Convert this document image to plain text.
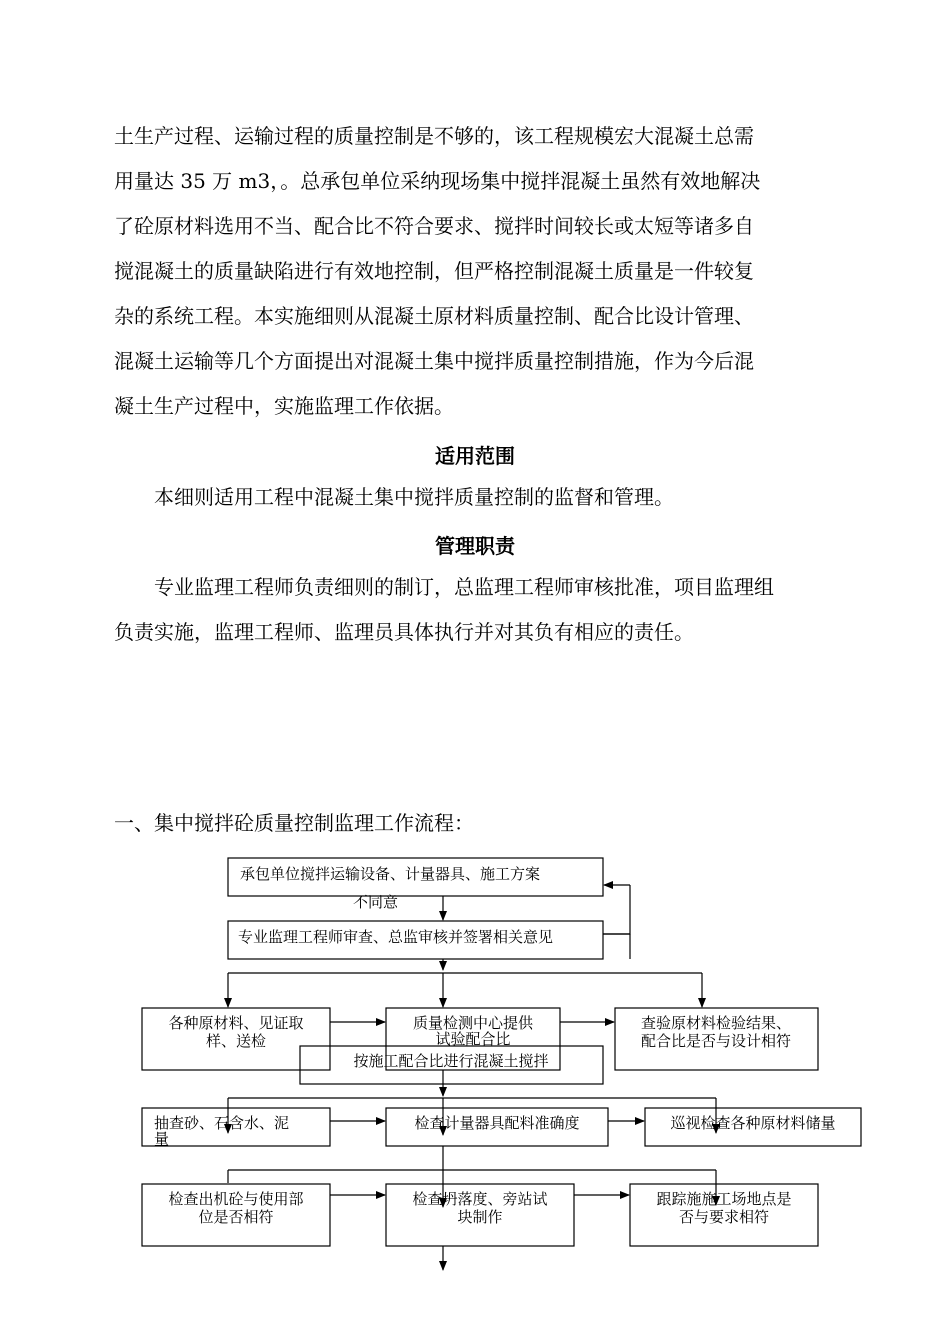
土生产过程、运输过程的质量控制是不够的，该工程规模宏大混凝土总需

用量达 35 万 m3，。总承包单位采纳现场集中搅拌混凝土虽然有效地解决

了砼原材料选用不当、配合比不符合要求、搅拌时间较长或太短等诸多自

搅混凝土的质量缺陷进行有效地控制，但严格控制混凝土质量是一件较复

杂的系统工程。本实施细则从混凝土原材料质量控制、配合比设计管理、

混凝土运输等几个方面提出对混凝土集中搅拌质量控制措施，作为今后混

凝土生产过程中，实施监理工作依据。

适用范围

本细则适用工程中混凝土集中搅拌质量控制的监督和管理。

管理职责

专业监理工程师负责细则的制订，总监理工程师审核批准，项目监理组

负责实施，监理工程师、监理员具体执行并对其负有相应的责任。

一、集中搅拌砼质量控制监理工作流程：

承包单位搅拌运输设备、计量器具、施工方案
不同意
专业监理工程师审查、总监审核并签署相关意见
各种原材料、见证取
样、送检
质量检测中心提供
试验配合比
查验原材料检验结果、
配合比是否与设计相符
按施工配合比进行混凝土搅拌
抽查砂、石含水、泥
量
检查计量器具配料准确度	巡视检查各种原材料储量
检查出机砼与使用部
位是否相符
检查坍落度、旁站试
块制作
跟踪施施工场地点是
否与要求相符
